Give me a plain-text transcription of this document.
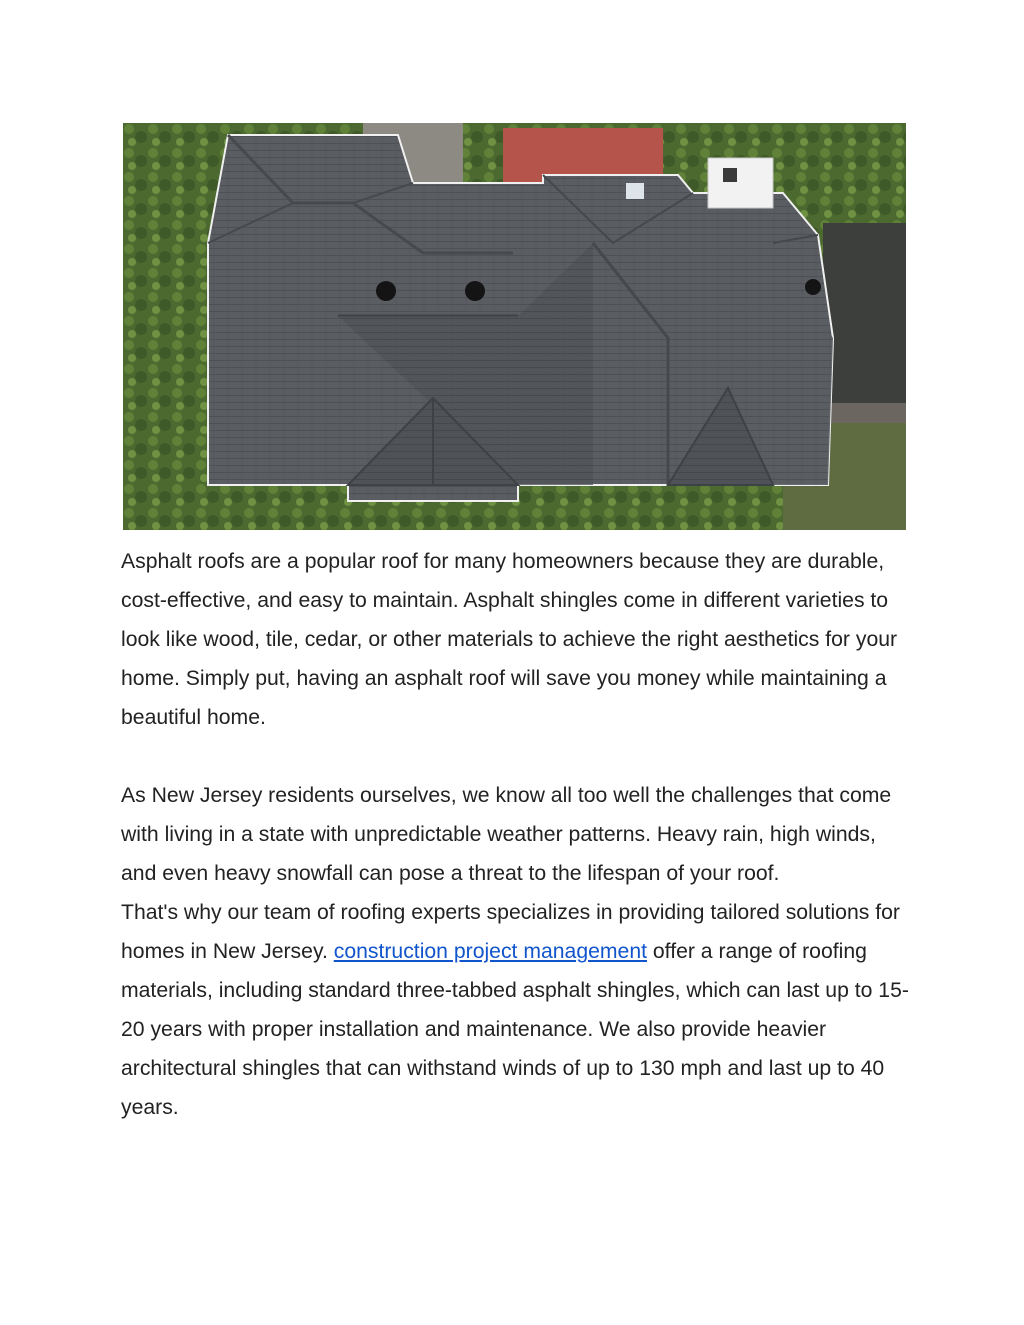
Asphalt roofs are a popular roof for many homeowners because they are durable, cost-effective, and easy to maintain. Asphalt shingles come in different varieties to look like wood, tile, cedar, or other materials to achieve the right aesthetics for your home. Simply put, having an asphalt roof will save you money while maintaining a beautiful home.

As New Jersey residents ourselves, we know all too well the challenges that come with living in a state with unpredictable weather patterns. Heavy rain, high winds, and even heavy snowfall can pose a threat to the lifespan of your roof.

That's why our team of roofing experts specializes in providing tailored solutions for homes in New Jersey. construction project management offer a range of roofing materials, including standard three-tabbed asphalt shingles, which can last up to 15-20 years with proper installation and maintenance. We also provide heavier architectural shingles that can withstand winds of up to 130 mph and last up to 40 years.
